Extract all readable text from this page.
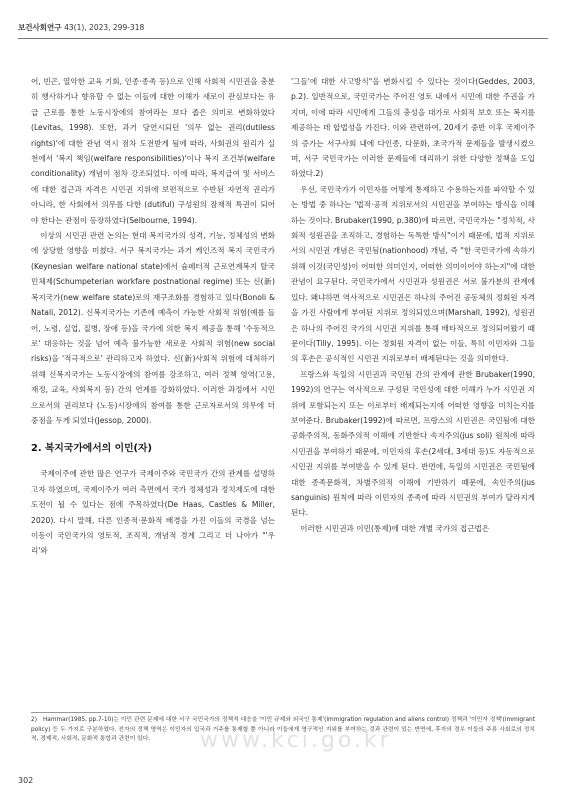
보건사회연구 43(1), 2023, 299-318

어, 빈곤, 열악한 교육 기회, 인종·종족 등)으로 인해 사회적 시민권을 충분히 행사하거나 향유할 수 없는 이들에 대한 이해가 새로이 관심보다는 유급 근로를 통한 노동시장에의 참여라는 보다 좁은 의미로 변화하였다(Levitas, 1998). 또한, 과거 당연시되던 '의무 없는 권리(dutiless rights)'에 대한 관념 역시 점차 도전받게 됨에 따라, 사회권의 원리가 실천에서 '복지 책임(welfare responsibilities)'이나 복지 조건부(welfare conditionality) 개념이 점차 강조되었다. 이에 따라, 복지급여 및 서비스에 대한 접근과 자격은 시민권 지위에 보편적으로 수반된 자연적 권리가 아니라, 한 사회에서 의무를 다한 (dutiful) 구성원의 잠재적 특권이 되어야 한다는 관점이 등장하였다(Selbourne, 1994).

이상의 시민권 관련 논의는 현대 복지국가의 성격, 기능, 정체성의 변화에 상당한 영향을 미쳤다. 서구 복지국가는 과거 케인즈적 복지 국민국가(Keynesian welfare national state)에서 슘페터적 근로연계복지 탈국민체제(Schumpeterian workfare postnational regime) 또는 신(新)복지국가(new welfare state)로의 재구조화를 경험하고 있다(Bonoli & Natali, 2012). 신복지국가는 기존에 예측이 가능한 사회적 위험(예를 들어, 노령, 실업, 질병, 장애 등)을 국가에 의한 복지 제공을 통해 '수동적으로' 대응하는 것을 넘어 예측 불가능한 새로운 사회적 위험(new social risks)을 '적극적으로' 관리하고자 하였다. 신(新)사회적 위험에 대처하기 위해 신복지국가는 노동시장에의 참여를 강조하고, 여러 정책 영역(고용, 재정, 교육, 사회복지 등) 간의 연계를 강화하였다. 이러한 과정에서 시민으로서의 권리보다 (노동)시장에의 참여를 통한 근로자로서의 의무에 더 중점을 두게 되었다(Jessop, 2000).

2. 복지국가에서의 이민(자)

국제이주에 관한 많은 연구가 국제이주와 국민국가 간의 관계를 설명하고자 하였으며, 국제이주가 여러 측면에서 국가 정체성과 정치제도에 대한 도전이 될 수 있다는 점에 주목하였다(De Haas, Castles & Miller, 2020). 다시 말해, 다른 인종적·문화적 배경을 가진 이들의 국경을 넘는 이동이 국민국가의 영토적, 조직적, 개념적 경계 그리고 더 나아가 "'우리'와

'그들'에 대한 사고방식"을 변화시킬 수 있다는 것이다(Geddes, 2003, p.2). 일반적으로, 국민국가는 주어진 영토 내에서 시민에 대한 주권을 가지며, 이에 따라 시민에게 그들의 충성을 대가로 사회적 보호 또는 복지를 제공하는 데 합법성을 가진다. 이와 관련하여, 20세기 중반 이후 국제이주의 증가는 서구사회 내에 다인종, 다문화, 초국가적 문제들을 발생시켰으며, 서구 국민국가는 이러한 문제들에 대리하기 위한 다양한 정책을 도입하였다.2)

우선, 국민국가가 이민자를 어떻게 통제하고 수용하는지를 파악할 수 있는 방법 중 하나는 '법적·공적 지위로서의 시민권을 부여하는 방식을 이해하는 것이다. Brubaker(1990, p.380)에 따르면, 국민국가는 "정치적, 사회적 성원권을 조직하고, 경험하는 독특한 방식"이기 때문에, 법적 지위로서의 시민권 개념은 국민됨(nationhood) 개념, 즉 "한 국민국가에 속하기 위해 이것(국민성)이 어떠한 의미인지, 어떠한 의미이어야 하는지"에 대한 관념이 요구된다. 국민국가에서 시민권과 성원권은 서로 불가분의 관계에 있다. 왜냐하면 역사적으로 시민권은 하나의 주어진 공동체의 정회원 자격을 가진 사람에게 부여된 지위로 정의되었으며(Marshall, 1992), 성원권은 하나의 주어진 국가의 시민권 지위를 통해 배타적으로 정의되어왔기 때문이다(Tilly, 1995). 이는 정회원 자격이 없는 이들, 특히 이민자와 그들의 후손은 공식적인 시민권 지위로부터 배제된다는 것을 의미한다.

프랑스와 독일의 시민권과 국민됨 간의 관계에 관한 Brubaker(1990, 1992)의 연구는 역사적으로 구성된 국민성에 대한 이해가 누가 시민권 지위에 포함되는지 또는 이로부터 배제되는지에 어떠한 영향을 미치는지를 보여준다. Brubaker(1992)에 따르면, 프랑스의 시민권은 국민됨에 대한 공화주의적, 동화주의적 이해에 기반한다 속지주의(jus soli) 원칙에 따라 시민권을 부여하기 때문에, 이민자의 후손(2세대, 3세대 등)도 자동적으로 시민권 지위를 부여받을 수 있게 된다. 반면에, 독일의 시민권은 국민됨에 대한 종족문화적, 차별주의적 이해에 기반하기 때문에, 속인주의(jus sanguinis) 원칙에 따라 이민자의 종족에 따라 시민권의 부여가 달라지게 된다.

이러한 시민권과 이민(통제)에 대한 개별 국가의 접근법은

2) Hammar(1985, pp.7-10)는 이민 관련 문제에 대한 서구 국민국가의 정책적 대응을 '이민 규제와 외국인 통제'(immigration regulation and aliens control) 정책과 '이민자 정책'(immigrant policy) 등 두 가지로 구분하였다. 전자의 정책 영역은 이민자의 입국과 거주를 통제할 뿐 아니라 이들에게 영구적인 지위를 부여하는 것과 관련이 있는 반면에, 후자의 경우 이들의 주류 사회로의 정치적, 경제적, 사회적, 문화적 통합과 관련이 있다.	www.kci.go.kr
302
